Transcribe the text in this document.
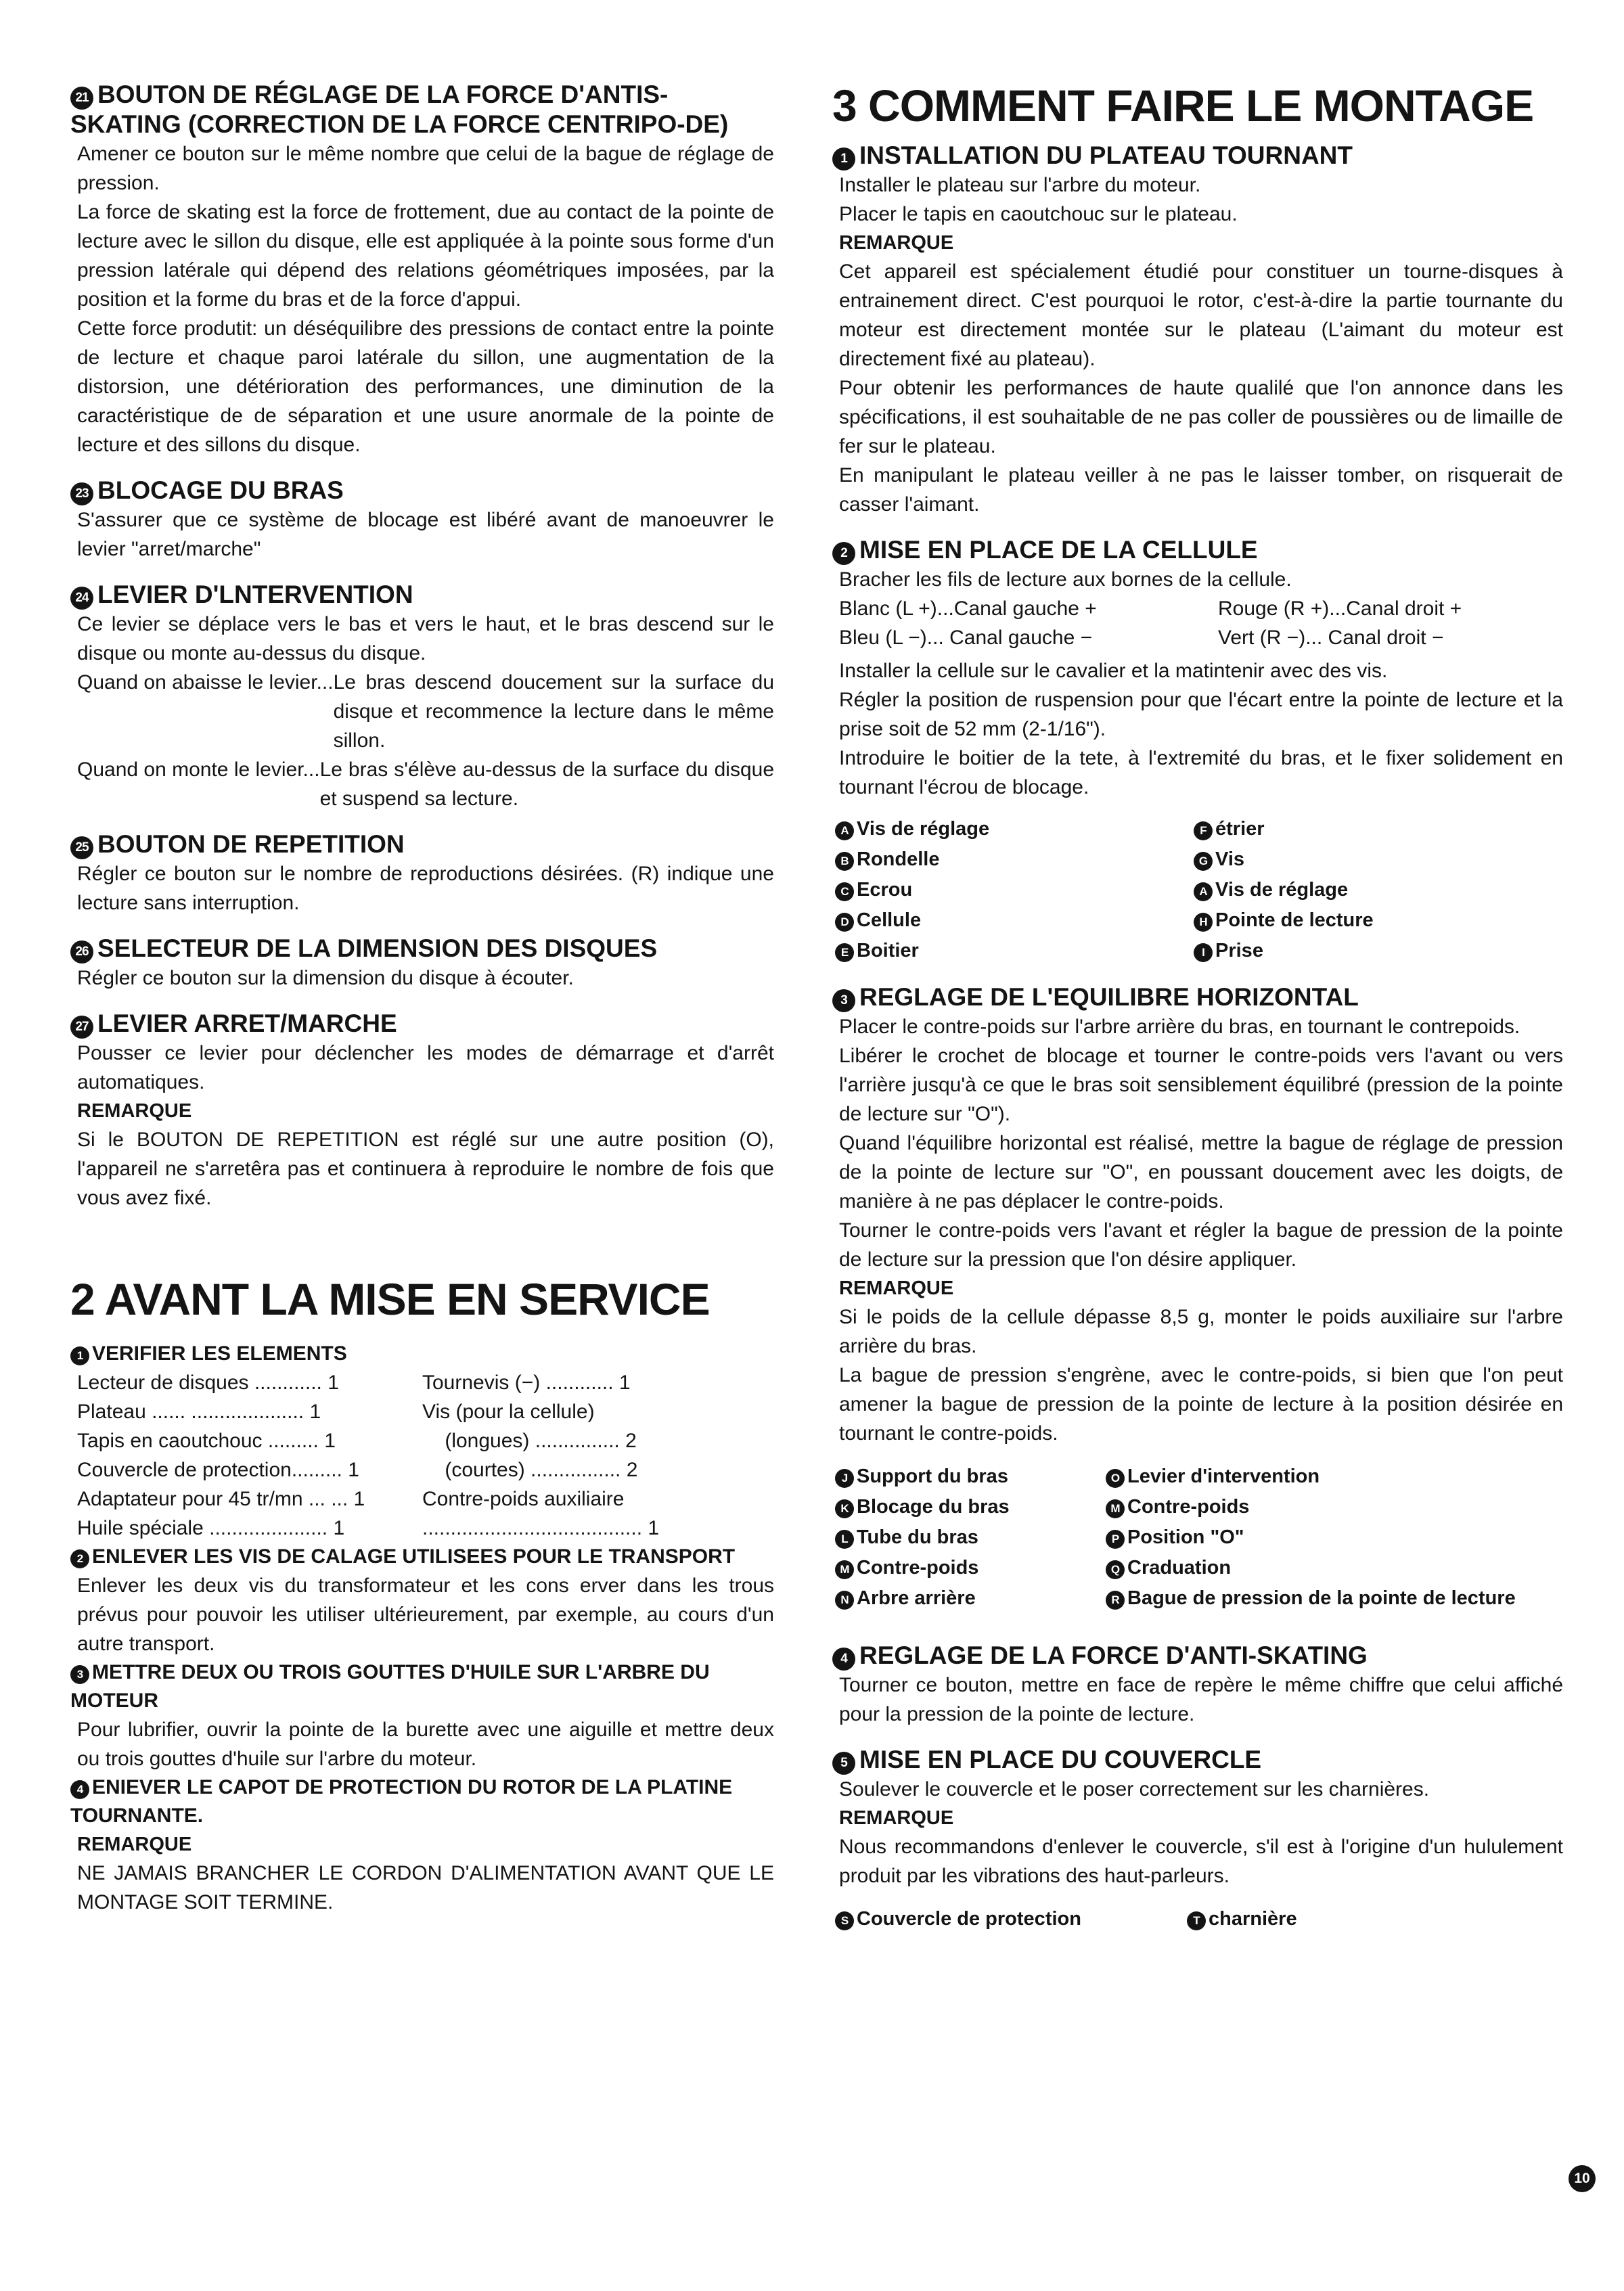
21 BOUTON DE RÉGLAGE DE LA FORCE D'ANTIS-SKATING (CORRECTION DE LA FORCE CENTRIPO-DE)

Amener ce bouton sur le même nombre que celui de la bague de réglage de pression.

La force de skating est la force de frottement, due au contact de la pointe de lecture avec le sillon du disque, elle est appliquée à la pointe sous forme d'un pression latérale qui dépend des relations géométriques imposées, par la position et la forme du bras et de la force d'appui.

Cette force produtit: un déséquilibre des pressions de contact entre la pointe de lecture et chaque paroi latérale du sillon, une augmentation de la distorsion, une détérioration des performances, une diminution de la caractéristique de de séparation et une usure anormale de la pointe de lecture et des sillons du disque.

23 BLOCAGE DU BRAS

S'assurer que ce système de blocage est libéré avant de manoeuvrer le levier "arret/marche"

24 LEVIER D'LNTERVENTION

Ce levier se déplace vers le bas et vers le haut, et le bras descend sur le disque ou monte au-dessus du disque.

Quand on abaisse le levier... Le bras descend doucement sur la surface du disque et recommence la lecture dans le même sillon.
Quand on monte le levier... Le bras s'élève au-dessus de la surface du disque et suspend sa lecture.

25 BOUTON DE REPETITION

Régler ce bouton sur le nombre de reproductions désirées. (R) indique une lecture sans interruption.

26 SELECTEUR DE LA DIMENSION DES DISQUES

Régler ce bouton sur la dimension du disque à écouter.

27 LEVIER ARRET/MARCHE

Pousser ce levier pour déclencher les modes de démarrage et d'arrêt automatiques.

REMARQUE

Si le BOUTON DE REPETITION est réglé sur une autre position (O), l'appareil ne s'arretêra pas et continuera à reproduire le nombre de fois que vous avez fixé.

2 AVANT LA MISE EN SERVICE

1 VERIFIER LES ELEMENTS

Lecteur de disques ............ 1	Tournevis (−) ............ 1
Plateau ...... .................... 1	Vis (pour la cellule)
Tapis en caoutchouc ......... 1	(longues) ............... 2
Couvercle de protection......... 1	(courtes) ................ 2
Adaptateur pour 45 tr/mn ... ... 1	Contre-poids auxiliaire
Huile spéciale ..................... 1	....................................... 1

2 ENLEVER LES VIS DE CALAGE UTILISEES POUR LE TRANSPORT

Enlever les deux vis du transformateur et les cons erver dans les trous prévus pour pouvoir les utiliser ultérieurement, par exemple, au cours d'un autre transport.

3 METTRE DEUX OU TROIS GOUTTES D'HUILE SUR L'ARBRE DU MOTEUR

Pour lubrifier, ouvrir la pointe de la burette avec une aiguille et mettre deux ou trois gouttes d'huile sur l'arbre du moteur.

4 ENIEVER LE CAPOT DE PROTECTION DU ROTOR DE LA PLATINE TOURNANTE.

REMARQUE

NE JAMAIS BRANCHER LE CORDON D'ALIMENTATION AVANT QUE LE MONTAGE SOIT TERMINE.

3 COMMENT FAIRE LE MONTAGE

1 INSTALLATION DU PLATEAU TOURNANT

Installer le plateau sur l'arbre du moteur.

Placer le tapis en caoutchouc sur le plateau.

REMARQUE

Cet appareil est spécialement étudié pour constituer un tourne-disques à entrainement direct. C'est pourquoi le rotor, c'est-à-dire la partie tournante du moteur est directement montée sur le plateau (L'aimant du moteur est directement fixé au plateau).

Pour obtenir les performances de haute qualilé que l'on annonce dans les spécifications, il est souhaitable de ne pas coller de poussières ou de limaille de fer sur le plateau.

En manipulant le plateau veiller à ne pas le laisser tomber, on risquerait de casser l'aimant.

2 MISE EN PLACE DE LA CELLULE

Bracher les fils de lecture aux bornes de la cellule.

Blanc (L +)...Canal gauche +	Rouge (R +)...Canal droit +
Bleu (L −)... Canal gauche −	Vert (R −)... Canal droit −

Installer la cellule sur le cavalier et la matintenir avec des vis.

Régler la position de ruspension pour que l'écart entre la pointe de lecture et la prise soit de 52 mm (2-1/16").

Introduire le boitier de la tete, à l'extremité du bras, et le fixer solidement en tournant l'écrou de blocage.

A Vis de réglage	F étrier
B Rondelle	G Vis
C Ecrou	A Vis de réglage
D Cellule	H Pointe de lecture
E Boitier	I Prise

3 REGLAGE DE L'EQUILIBRE HORIZONTAL

Placer le contre-poids sur l'arbre arrière du bras, en tournant le contrepoids.

Libérer le crochet de blocage et tourner le contre-poids vers l'avant ou vers l'arrière jusqu'à ce que le bras soit sensiblement équilibré (pression de la pointe de lecture sur "O").

Quand l'équilibre horizontal est réalisé, mettre la bague de réglage de pression de la pointe de lecture sur "O", en poussant doucement avec les doigts, de manière à ne pas déplacer le contre-poids.

Tourner le contre-poids vers l'avant et régler la bague de pression de la pointe de lecture sur la pression que l'on désire appliquer.

REMARQUE

Si le poids de la cellule dépasse 8,5 g, monter le poids auxiliaire sur l'arbre arrière du bras.

La bague de pression s'engrène, avec le contre-poids, si bien que l'on peut amener la bague de pression de la pointe de lecture à la position désirée en tournant le contre-poids.

J Support du bras	O Levier d'intervention
K Blocage du bras	M Contre-poids
L Tube du bras	P Position "O"
M Contre-poids	Q Craduation
N Arbre arrière	R Bague de pression de la pointe de lecture

4 REGLAGE DE LA FORCE D'ANTI-SKATING

Tourner ce bouton, mettre en face de repère le même chiffre que celui affiché pour la pression de la pointe de lecture.

5 MISE EN PLACE DU COUVERCLE

Soulever le couvercle et le poser correctement sur les charnières.

REMARQUE

Nous recommandons d'enlever le couvercle, s'il est à l'origine d'un hululement produit par les vibrations des haut-parleurs.

S Couvercle de protection	T charnière
10
